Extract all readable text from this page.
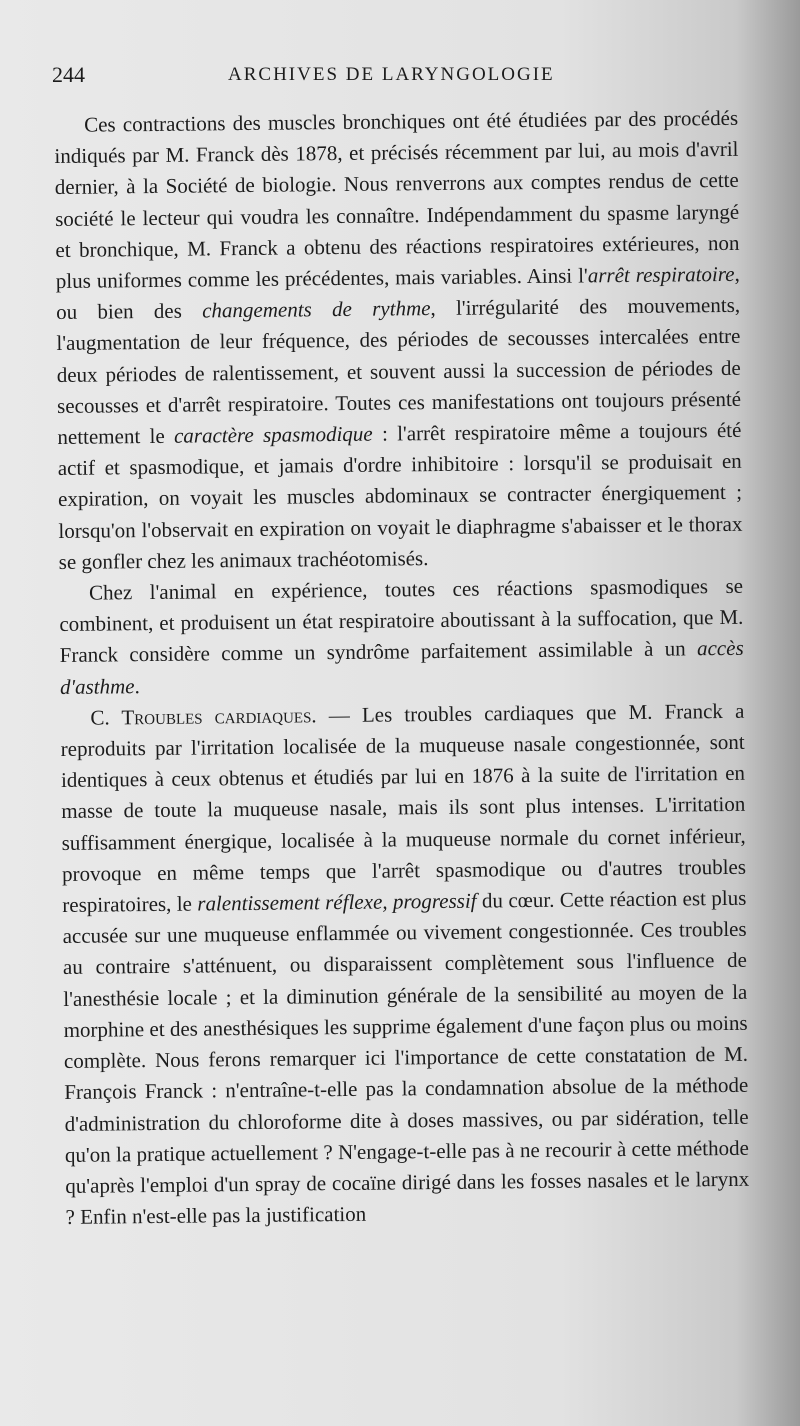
244	ARCHIVES DE LARYNGOLOGIE

Ces contractions des muscles bronchiques ont été étudiées par des procédés indiqués par M. Franck dès 1878, et précisés récemment par lui, au mois d'avril dernier, à la Société de biologie. Nous renverrons aux comptes rendus de cette société le lecteur qui voudra les connaître. Indépendamment du spasme laryngé et bronchique, M. Franck a obtenu des réactions respiratoires extérieures, non plus uniformes comme les précédentes, mais variables. Ainsi l'arrêt respiratoire, ou bien des changements de rythme, l'irrégularité des mouvements, l'augmentation de leur fréquence, des périodes de secousses intercalées entre deux périodes de ralentissement, et souvent aussi la succession de périodes de secousses et d'arrêt respiratoire. Toutes ces manifestations ont toujours présenté nettement le caractère spasmodique : l'arrêt respiratoire même a toujours été actif et spasmodique, et jamais d'ordre inhibitoire : lorsqu'il se produisait en expiration, on voyait les muscles abdominaux se contracter énergiquement ; lorsqu'on l'observait en expiration on voyait le diaphragme s'abaisser et le thorax se gonfler chez les animaux trachéotomisés.

Chez l'animal en expérience, toutes ces réactions spasmodiques se combinent, et produisent un état respiratoire aboutissant à la suffocation, que M. Franck considère comme un syndrôme parfaitement assimilable à un accès d'asthme.

C. Troubles cardiaques. — Les troubles cardiaques que M. Franck a reproduits par l'irritation localisée de la muqueuse nasale congestionnée, sont identiques à ceux obtenus et étudiés par lui en 1876 à la suite de l'irritation en masse de toute la muqueuse nasale, mais ils sont plus intenses. L'irritation suffisamment énergique, localisée à la muqueuse normale du cornet inférieur, provoque en même temps que l'arrêt spasmodique ou d'autres troubles respiratoires, le ralentissement réflexe, progressif du cœur. Cette réaction est plus accusée sur une muqueuse enflammée ou vivement congestionnée. Ces troubles au contraire s'atténuent, ou disparaissent complètement sous l'influence de l'anesthésie locale ; et la diminution générale de la sensibilité au moyen de la morphine et des anesthésiques les supprime également d'une façon plus ou moins complète. Nous ferons remarquer ici l'importance de cette constatation de M. François Franck : n'entraîne-t-elle pas la condamnation absolue de la méthode d'administration du chloroforme dite à doses massives, ou par sidération, telle qu'on la pratique actuellement ? N'engage-t-elle pas à ne recourir à cette méthode qu'après l'emploi d'un spray de cocaïne dirigé dans les fosses nasales et le larynx ? Enfin n'est-elle pas la justification
